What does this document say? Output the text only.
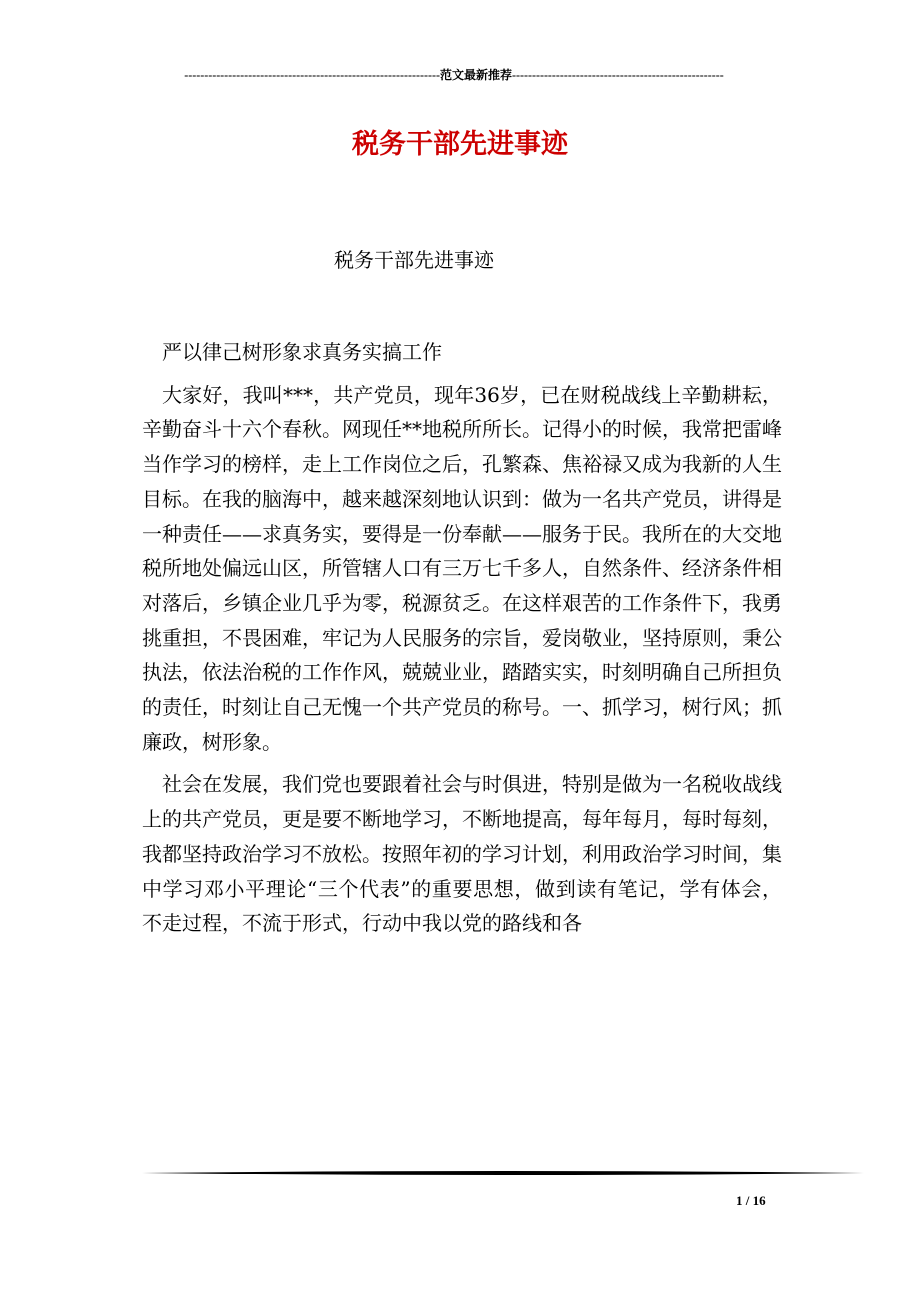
----------------------------------------------------------------范文最新推荐-----------------------------------------------------
税务干部先进事迹
税务干部先进事迹

严以律己树形象求真务实搞工作

大家好，我叫***，共产党员，现年36岁，已在财税战线上辛勤耕耘，辛勤奋斗十六个春秋。网现任**地税所所长。记得小的时候，我常把雷峰当作学习的榜样，走上工作岗位之后，孔繁森、焦裕禄又成为我新的人生目标。在我的脑海中，越来越深刻地认识到：做为一名共产党员，讲得是一种责任——求真务实，要得是一份奉献——服务于民。我所在的大交地税所地处偏远山区，所管辖人口有三万七千多人，自然条件、经济条件相对落后，乡镇企业几乎为零，税源贫乏。在这样艰苦的工作条件下，我勇挑重担，不畏困难，牢记为人民服务的宗旨，爱岗敬业，坚持原则，秉公执法，依法治税的工作作风，兢兢业业，踏踏实实，时刻明确自己所担负的责任，时刻让自己无愧一个共产党员的称号。一、抓学习，树行风；抓廉政，树形象。

社会在发展，我们党也要跟着社会与时俱进，特别是做为一名税收战线上的共产党员，更是要不断地学习，不断地提高，每年每月，每时每刻，我都坚持政治学习不放松。按照年初的学习计划，利用政治学习时间，集中学习邓小平理论“三个代表”的重要思想，做到读有笔记，学有体会，不走过程，不流于形式，行动中我以党的路线和各

1 / 16
